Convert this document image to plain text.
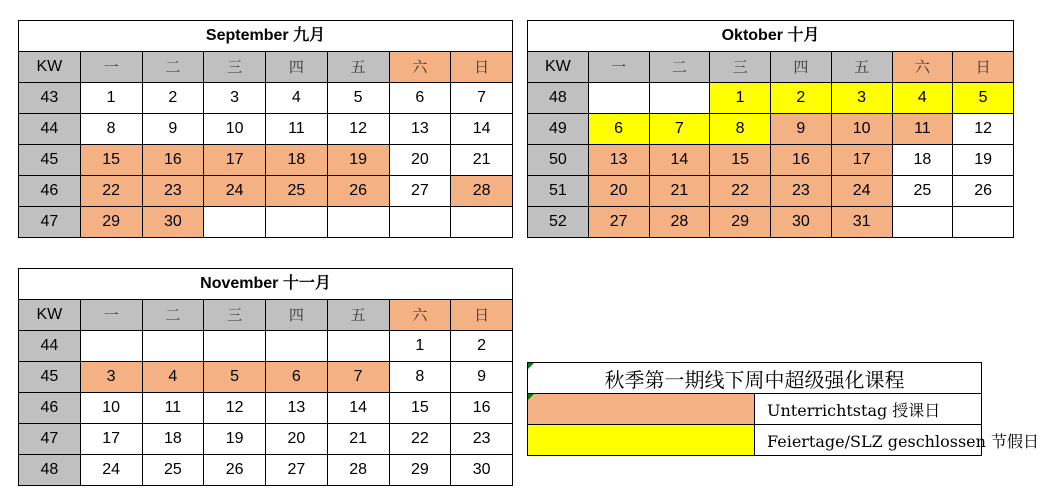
September 九月							
KW	一	二	三	四	五	六	日
43	1	2	3	4	5	6	7
44	8	9	10	11	12	13	14
45	15	16	17	18	19	20	21
46	22	23	24	25	26	27	28
47	29	30					
Oktober 十月							
KW	一	二	三	四	五	六	日
48			1	2	3	4	5
49	6	7	8	9	10	11	12
50	13	14	15	16	17	18	19
51	20	21	22	23	24	25	26
52	27	28	29	30	31		
November 十一月							
KW	一	二	三	四	五	六	日
44						1	2
45	3	4	5	6	7	8	9
46	10	11	12	13	14	15	16
47	17	18	19	20	21	22	23
48	24	25	26	27	28	29	30
秋季第一期线下周中超级强化课程	

	Unterrichtstag 授课日
	Feiertage/SLZ geschlossen 节假日
